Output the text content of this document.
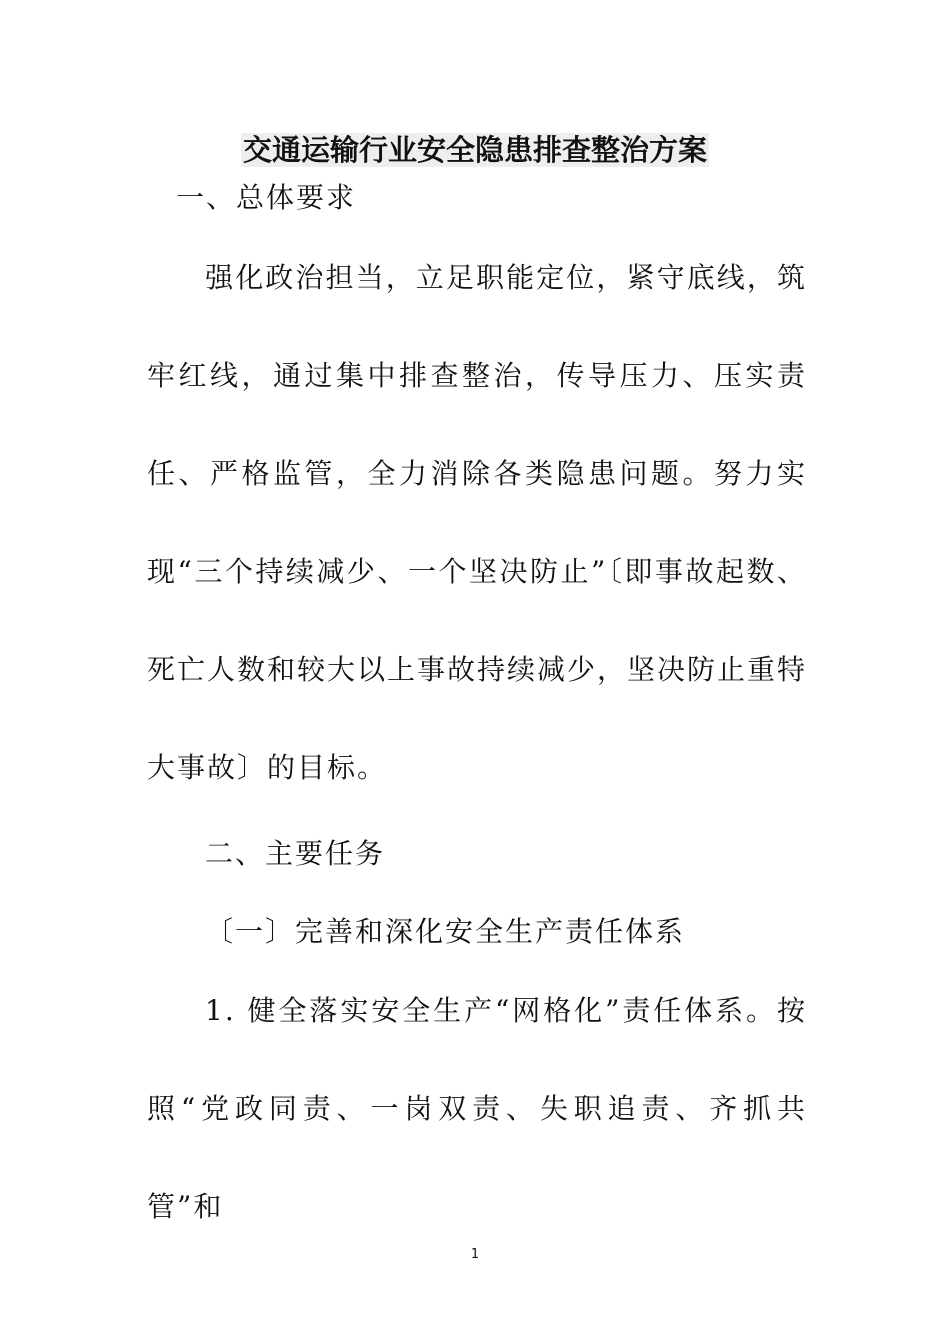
交通运输行业安全隐患排查整治方案
一、总体要求

强化政治担当，立足职能定位，紧守底线，筑牢红线，通过集中排查整治，传导压力、压实责任、严格监管，全力消除各类隐患问题。努力实现“三个持续减少、一个坚决防止”〔即事故起数、死亡人数和较大以上事故持续减少，坚决防止重特大事故〕的目标。

二、主要任务
〔一〕完善和深化安全生产责任体系

1. 健全落实安全生产“网格化”责任体系。按照“党政同责、一岗双责、失职追责、齐抓共管”和

1
